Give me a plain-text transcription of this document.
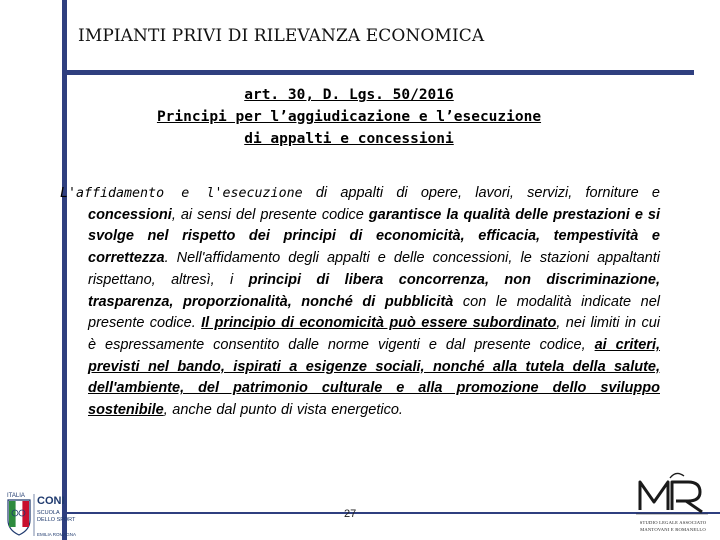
IMPIANTI PRIVI DI RILEVANZA ECONOMICA
art. 30, D. Lgs. 50/2016
Principi per l’aggiudicazione e l’esecuzione
di appalti e concessioni
L'affidamento e l'esecuzione di appalti di opere, lavori, servizi, forniture e concessioni, ai sensi del presente codice garantisce la qualità delle prestazioni e si svolge nel rispetto dei principi di economicità, efficacia, tempestività e correttezza. Nell'affidamento degli appalti e delle concessioni, le stazioni appaltanti rispettano, altresì, i principi di libera concorrenza, non discriminazione, trasparenza, proporzionalità, nonché di pubblicità con le modalità indicate nel presente codice. Il principio di economicità può essere subordinato, nei limiti in cui è espressamente consentito dalle norme vigenti e dal presente codice, ai criteri, previsti nel bando, ispirati a esigenze sociali, nonché alla tutela della salute, dell'ambiente, del patrimonio culturale e alla promozione dello sviluppo sostenibile, anche dal punto di vista energetico.
27
ITALIA CONI
SCUOLA
DELLO SPORT
EMILIA ROMAGNA
STUDIO LEGALE ASSOCIATO
MANTOVANI E ROMANELLO
